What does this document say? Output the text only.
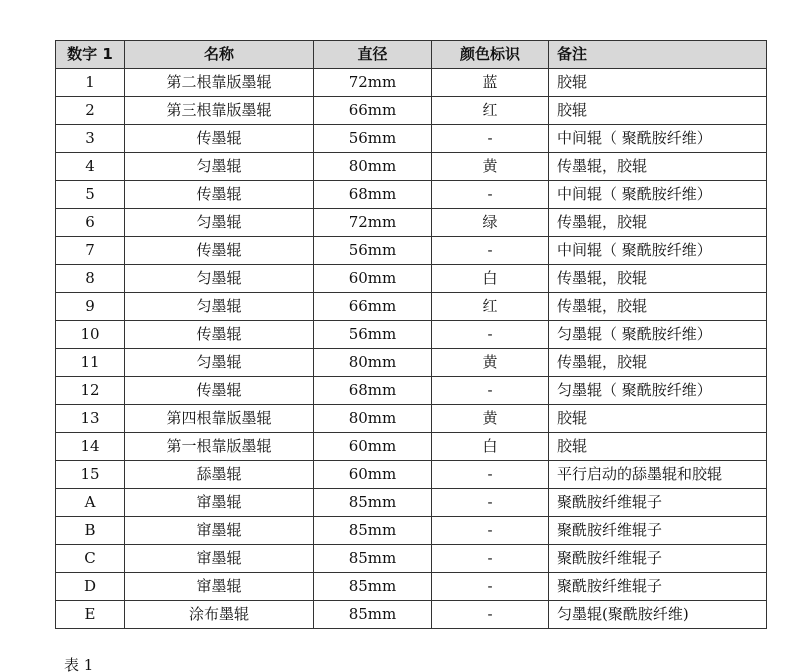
数字 1	名称	直径	颜色标识	备注
1	第二根靠版墨辊	72mm	蓝	胶辊
2	第三根靠版墨辊	66mm	红	胶辊
3	传墨辊	56mm	-	中间辊（ 聚酰胺纤维）
4	匀墨辊	80mm	黄	传墨辊，胶辊
5	传墨辊	68mm	-	中间辊（ 聚酰胺纤维）
6	匀墨辊	72mm	绿	传墨辊，胶辊
7	传墨辊	56mm	-	中间辊（ 聚酰胺纤维）
8	匀墨辊	60mm	白	传墨辊，胶辊
9	匀墨辊	66mm	红	传墨辊，胶辊
10	传墨辊	56mm	-	匀墨辊（ 聚酰胺纤维）
11	匀墨辊	80mm	黄	传墨辊，胶辊
12	传墨辊	68mm	-	匀墨辊（ 聚酰胺纤维）
13	第四根靠版墨辊	80mm	黄	胶辊
14	第一根靠版墨辊	60mm	白	胶辊
15	舔墨辊	60mm	-	平行启动的舔墨辊和胶辊
A	窜墨辊	85mm	-	聚酰胺纤维辊子
B	窜墨辊	85mm	-	聚酰胺纤维辊子
C	窜墨辊	85mm	-	聚酰胺纤维辊子
D	窜墨辊	85mm	-	聚酰胺纤维辊子
E	涂布墨辊	85mm	-	匀墨辊(聚酰胺纤维)
表 1
